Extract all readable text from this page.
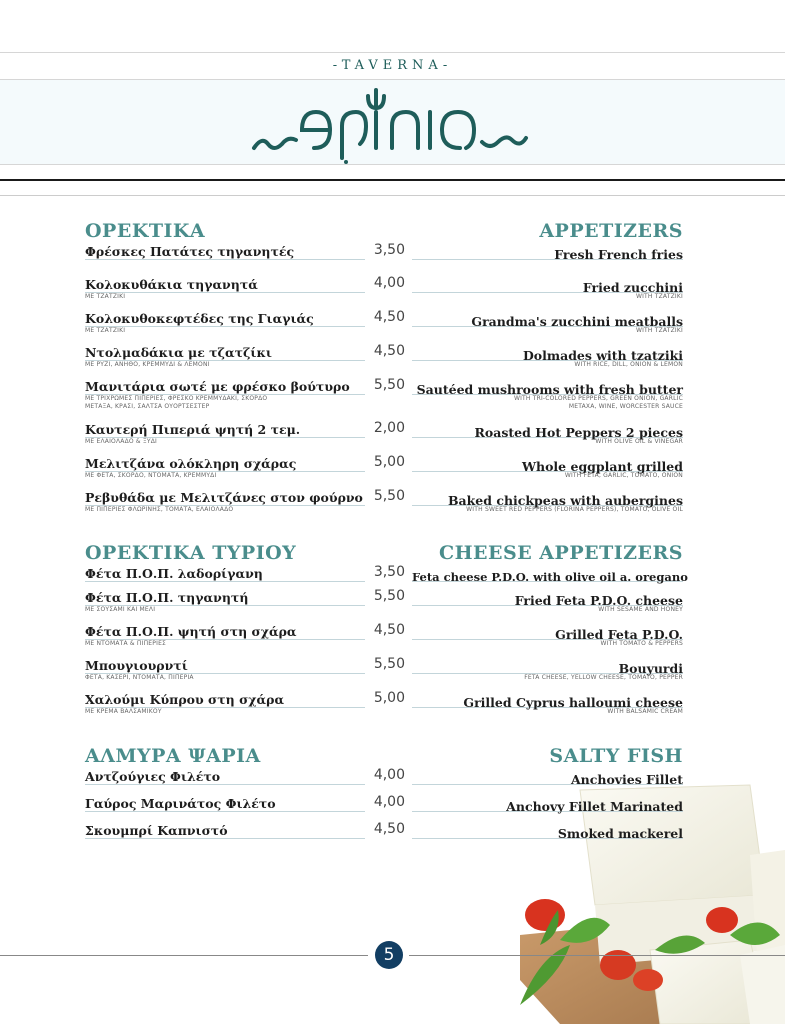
-TAVERNA-
ΟΡΕΚΤΙΚΑ
Φρέσκες Πατάτες τηγανητές	3,50
Κολοκυθάκια τηγανητά	4,00
ΜΕ ΤΖΑΤΖΙΚΙ
Κολοκυθοκεφτέδες της Γιαγιάς	4,50
ΜΕ ΤΖΑΤΖΙΚΙ
Ντολμαδάκια με τζατζίκι	4,50
ΜΕ ΡΥΖΙ, ΑΝΗΘΟ, ΚΡΕΜΜΥΔΙ & ΛΕΜΟΝΙ
Μανιτάρια σωτέ με φρέσκο βούτυρο 5,50
ΜΕ ΤΡΙΧΡΩΜΕΣ ΠΙΠΕΡΙΕΣ, ΦΡΕΣΚΟ ΚΡΕΜΜΥΔΑΚΙ, ΣΚΟΡΔΟ
ΜΕΤΑΞΑ, ΚΡΑΣΙ, ΣΑΛΤΣΑ ΟΥΟΡΤΣΕΣΤΕΡ
Καυτερή Πιπεριά ψητή 2 τεμ.	2,00
ΜΕ ΕΛΑΙΟΛΑΔΟ & ΞΥΔΙ
Μελιτζάνα ολόκληρη σχάρας	5,00
ΜΕ ΦΕΤΑ, ΣΚΟΡΔΟ, ΝΤΟΜΑΤΑ, ΚΡΕΜΜΥΔΙ
Ρεβυθάδα με Μελιτζάνες στον φούρνο 5,50
ΜΕ ΠΙΠΕΡΙΕΣ ΦΛΩΡΙΝΗΣ, ΤΟΜΑΤΑ, ΕΛΑΙΟΛΑΔΟ
ΟΡΕΚΤΙΚΑ ΤΥΡΙΟΥ
Φέτα Π.Ο.Π. λαδορίγανη	3,50
Φέτα Π.Ο.Π. τηγανητή	5,50
ΜΕ ΣΟΥΣΑΜΙ ΚΑΙ ΜΕΛΙ
Φέτα Π.Ο.Π. ψητή στη σχάρα	4,50
ΜΕ ΝΤΟΜΑΤΑ & ΠΙΠΕΡΙΕΣ
Μπουγιουρντί	5,50
ΦΕΤΑ, ΚΑΣΕΡΙ, ΝΤΟΜΑΤΑ, ΠΙΠΕΡΙΑ
Χαλούμι Κύπρου στη σχάρα	5,00
ΜΕ ΚΡΕΜΑ ΒΑΛΣΑΜΙΚΟΥ
ΑΛΜΥΡΑ ΨΑΡΙΑ
Αντζούγιες Φιλέτο	4,00
Γαύρος Μαρινάτος Φιλέτο	4,00
Σκουμπρί Καπνιστό	4,50
APPETIZERS
Fresh French fries
Fried zucchini
WITH TZATZIKI
Grandma's zucchini meatballs
WITH TZATZIKI
Dolmades with tzatziki
WITH RICE, DILL, ONION & LEMON
Sautéed mushrooms with fresh butter
WITH TRI-COLORED PEPPERS, GREEN ONION, GARLIC
METAXA, WINE, WORCESTER SAUCE
Roasted Hot Peppers 2 pieces
WITH OLIVE OIL & VINEGAR
Whole eggplant grilled
WITH FETA, GARLIC, TOMATO, ONION
Baked chickpeas with aubergines
WITH SWEET RED PEPPERS (FLORINA PEPPERS), TOMATO, OLIVE OIL
CHEESE APPETIZERS
Feta cheese P.D.O. with olive oil a. oregano
Fried Feta P.D.O. cheese
WITH SESAME AND HONEY
Grilled Feta P.D.O.
WITH TOMATO & PEPPERS
Bouyurdi
FETA CHEESE, YELLOW CHEESE, TOMATO, PEPPER
Grilled Cyprus halloumi cheese
WITH BALSAMIC CREAM
SALTY FISH
Anchovies Fillet
Anchovy Fillet Marinated
Smoked mackerel
5
